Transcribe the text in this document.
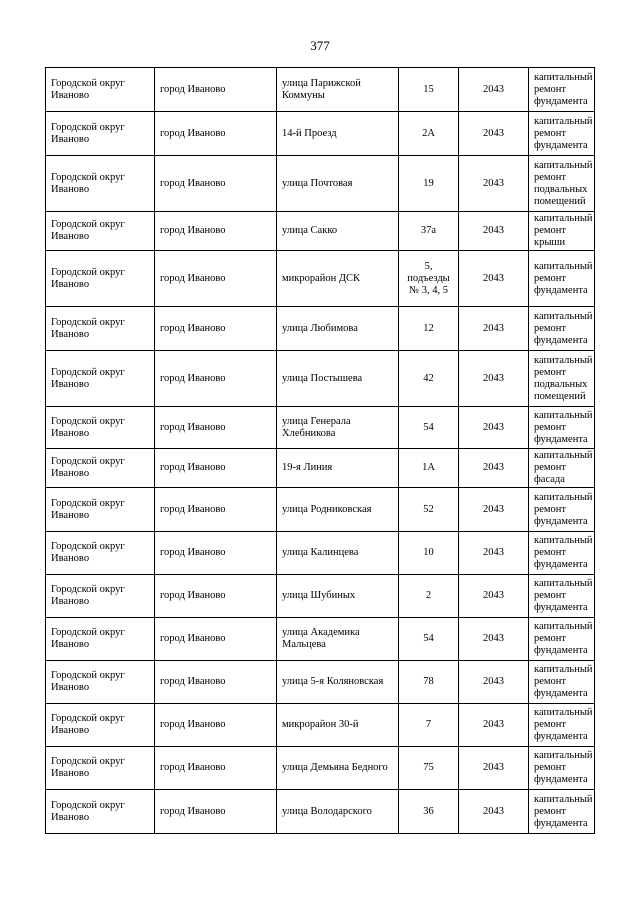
377
Городской округ Иваново	город Иваново	улица Парижской Коммуны	15	2043	капитальный ремонт фундамента
Городской округ Иваново	город Иваново	14-й Проезд	2А	2043	капитальный ремонт фундамента
Городской округ Иваново	город Иваново	улица Почтовая	19	2043	капитальный ремонт подвальных помещений
Городской округ Иваново	город Иваново	улица Сакко	37а	2043	капитальный ремонт крыши
Городской округ Иваново	город Иваново	микрорайон ДСК	5, подъезды № 3, 4, 5	2043	капитальный ремонт фундамента
Городской округ Иваново	город Иваново	улица Любимова	12	2043	капитальный ремонт фундамента
Городской округ Иваново	город Иваново	улица Постышева	42	2043	капитальный ремонт подвальных помещений
Городской округ Иваново	город Иваново	улица Генерала Хлебникова	54	2043	капитальный ремонт фундамента
Городской округ Иваново	город Иваново	19-я Линия	1А	2043	капитальный ремонт фасада
Городской округ Иваново	город Иваново	улица Родниковская	52	2043	капитальный ремонт фундамента
Городской округ Иваново	город Иваново	улица Калинцева	10	2043	капитальный ремонт фундамента
Городской округ Иваново	город Иваново	улица Шубиных	2	2043	капитальный ремонт фундамента
Городской округ Иваново	город Иваново	улица Академика Мальцева	54	2043	капитальный ремонт фундамента
Городской округ Иваново	город Иваново	улица 5-я Коляновская	78	2043	капитальный ремонт фундамента
Городской округ Иваново	город Иваново	микрорайон 30-й	7	2043	капитальный ремонт фундамента
Городской округ Иваново	город Иваново	улица Демьяна Бедного	75	2043	капитальный ремонт фундамента
Городской округ Иваново	город Иваново	улица Володарского	36	2043	капитальный ремонт фундамента
